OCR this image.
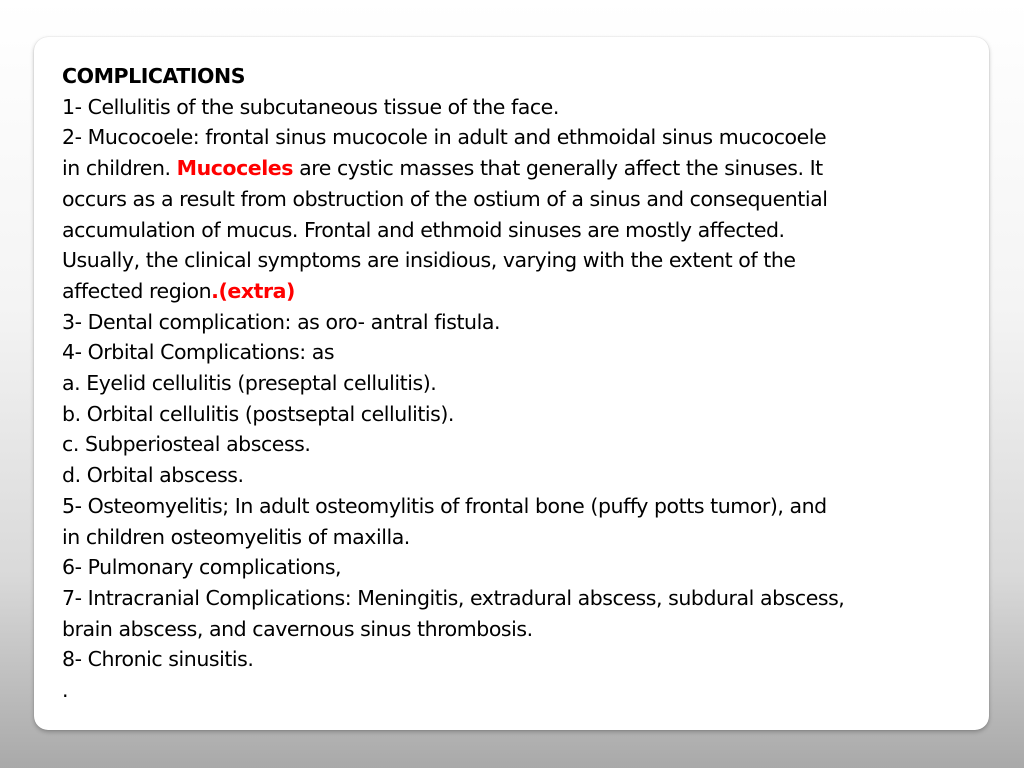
COMPLICATIONS
1- Cellulitis of the subcutaneous tissue of the face.
2- Mucocoele: frontal sinus mucocole in adult and ethmoidal sinus mucocoele
in children. Mucoceles are cystic masses that generally affect the sinuses. It
occurs as a result from obstruction of the ostium of a sinus and consequential
accumulation of mucus. Frontal and ethmoid sinuses are mostly affected.
Usually, the clinical symptoms are insidious, varying with the extent of the
affected region.(extra)
3- Dental complication: as oro- antral fistula.
4- Orbital Complications: as
a. Eyelid cellulitis (preseptal cellulitis).
b. Orbital cellulitis (postseptal cellulitis).
c. Subperiosteal abscess.
d. Orbital abscess.
5- Osteomyelitis; In adult osteomylitis of frontal bone (puffy potts tumor), and
in children osteomyelitis of maxilla.
6- Pulmonary complications,
7- Intracranial Complications: Meningitis, extradural abscess, subdural abscess,
brain abscess, and cavernous sinus thrombosis.
8- Chronic sinusitis.
.
